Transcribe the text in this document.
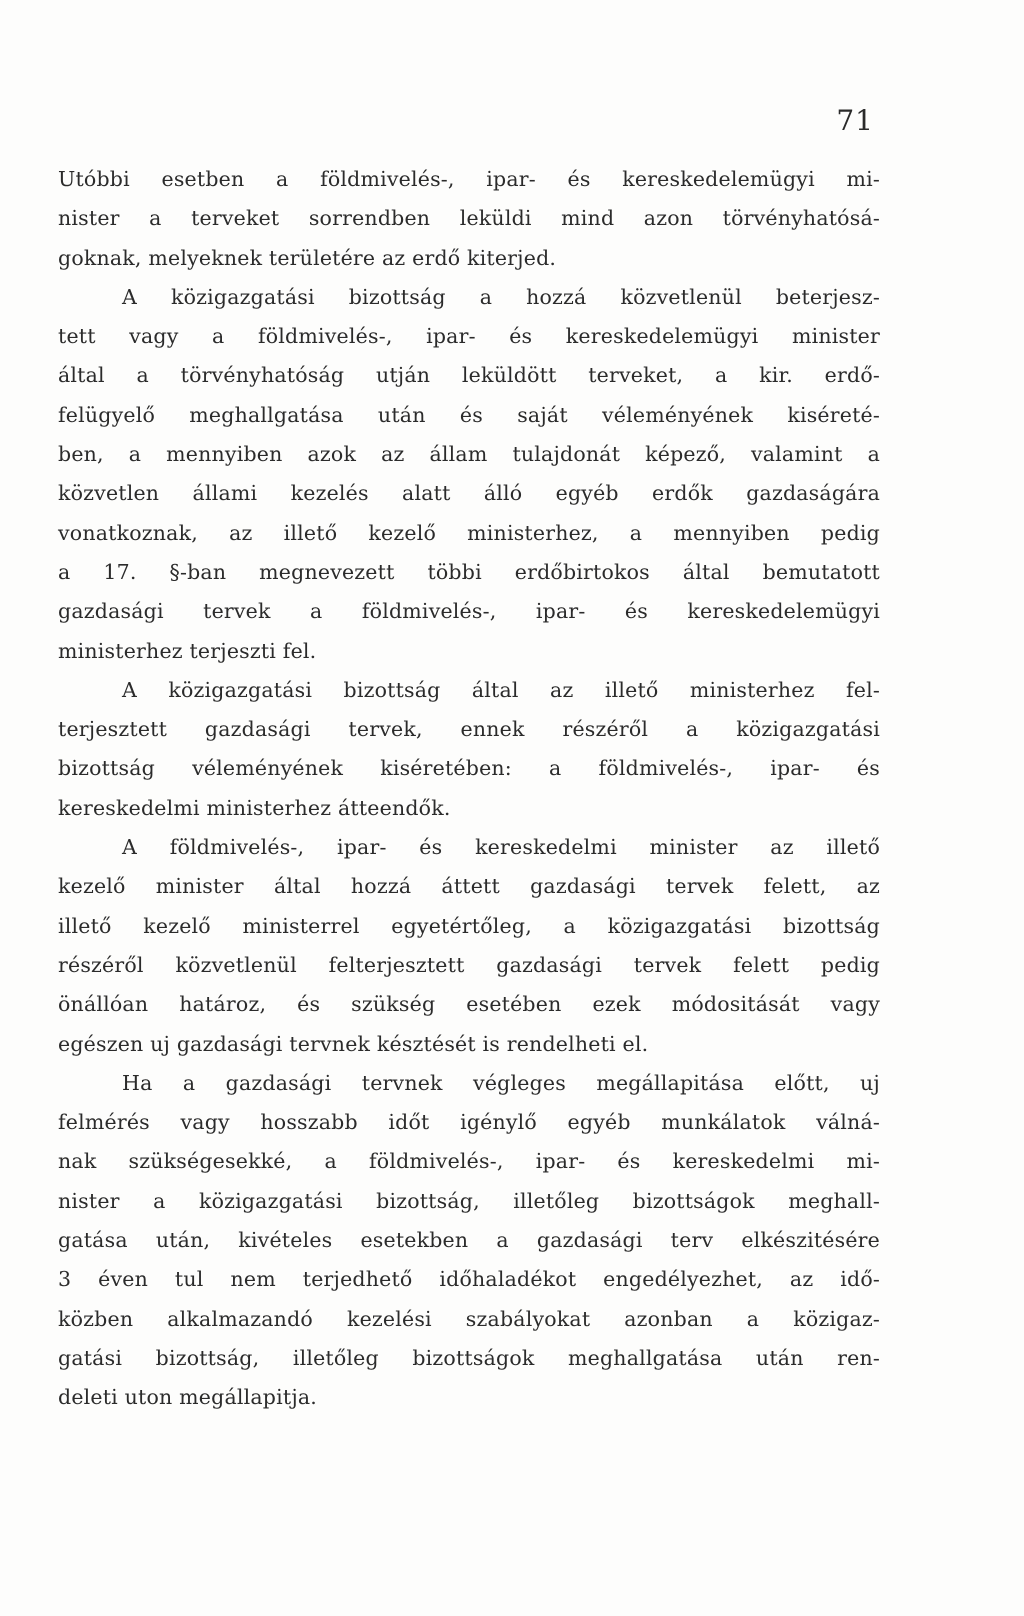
71
Utóbbi esetben a földmivelés-, ipar- és kereskedelemügyi mi-
nister a terveket sorrendben leküldi mind azon törvényhatósá-
goknak, melyeknek területére az erdő kiterjed.
A közigazgatási bizottság a hozzá közvetlenül beterjesz-
tett vagy a földmivelés-, ipar- és kereskedelemügyi minister
által a törvényhatóság utján leküldött terveket, a kir. erdő-
felügyelő meghallgatása után és saját véleményének kiséreté-
ben, a mennyiben azok az állam tulajdonát képező, valamint a
közvetlen állami kezelés alatt álló egyéb erdők gazdaságára
vonatkoznak, az illető kezelő ministerhez, a mennyiben pedig
a 17. §-ban megnevezett többi erdőbirtokos által bemutatott
gazdasági tervek a földmivelés-, ipar- és kereskedelemügyi
ministerhez terjeszti fel.
A közigazgatási bizottság által az illető ministerhez fel-
terjesztett gazdasági tervek, ennek részéről a közigazgatási
bizottság véleményének kiséretében: a földmivelés-, ipar- és
kereskedelmi ministerhez átteendők.
A földmivelés-, ipar- és kereskedelmi minister az illető
kezelő minister által hozzá áttett gazdasági tervek felett, az
illető kezelő ministerrel egyetértőleg, a közigazgatási bizottság
részéről közvetlenül felterjesztett gazdasági tervek felett pedig
önállóan határoz, és szükség esetében ezek módositását vagy
egészen uj gazdasági tervnek késztését is rendelheti el.
Ha a gazdasági tervnek végleges megállapitása előtt, uj
felmérés vagy hosszabb időt igénylő egyéb munkálatok válná-
nak szükségesekké, a földmivelés-, ipar- és kereskedelmi mi-
nister a közigazgatási bizottság, illetőleg bizottságok meghall-
gatása után, kivételes esetekben a gazdasági terv elkészitésére
3 éven tul nem terjedhető időhaladékot engedélyezhet, az idő-
közben alkalmazandó kezelési szabályokat azonban a közigaz-
gatási bizottság, illetőleg bizottságok meghallgatása után ren-
deleti uton megállapitja.
